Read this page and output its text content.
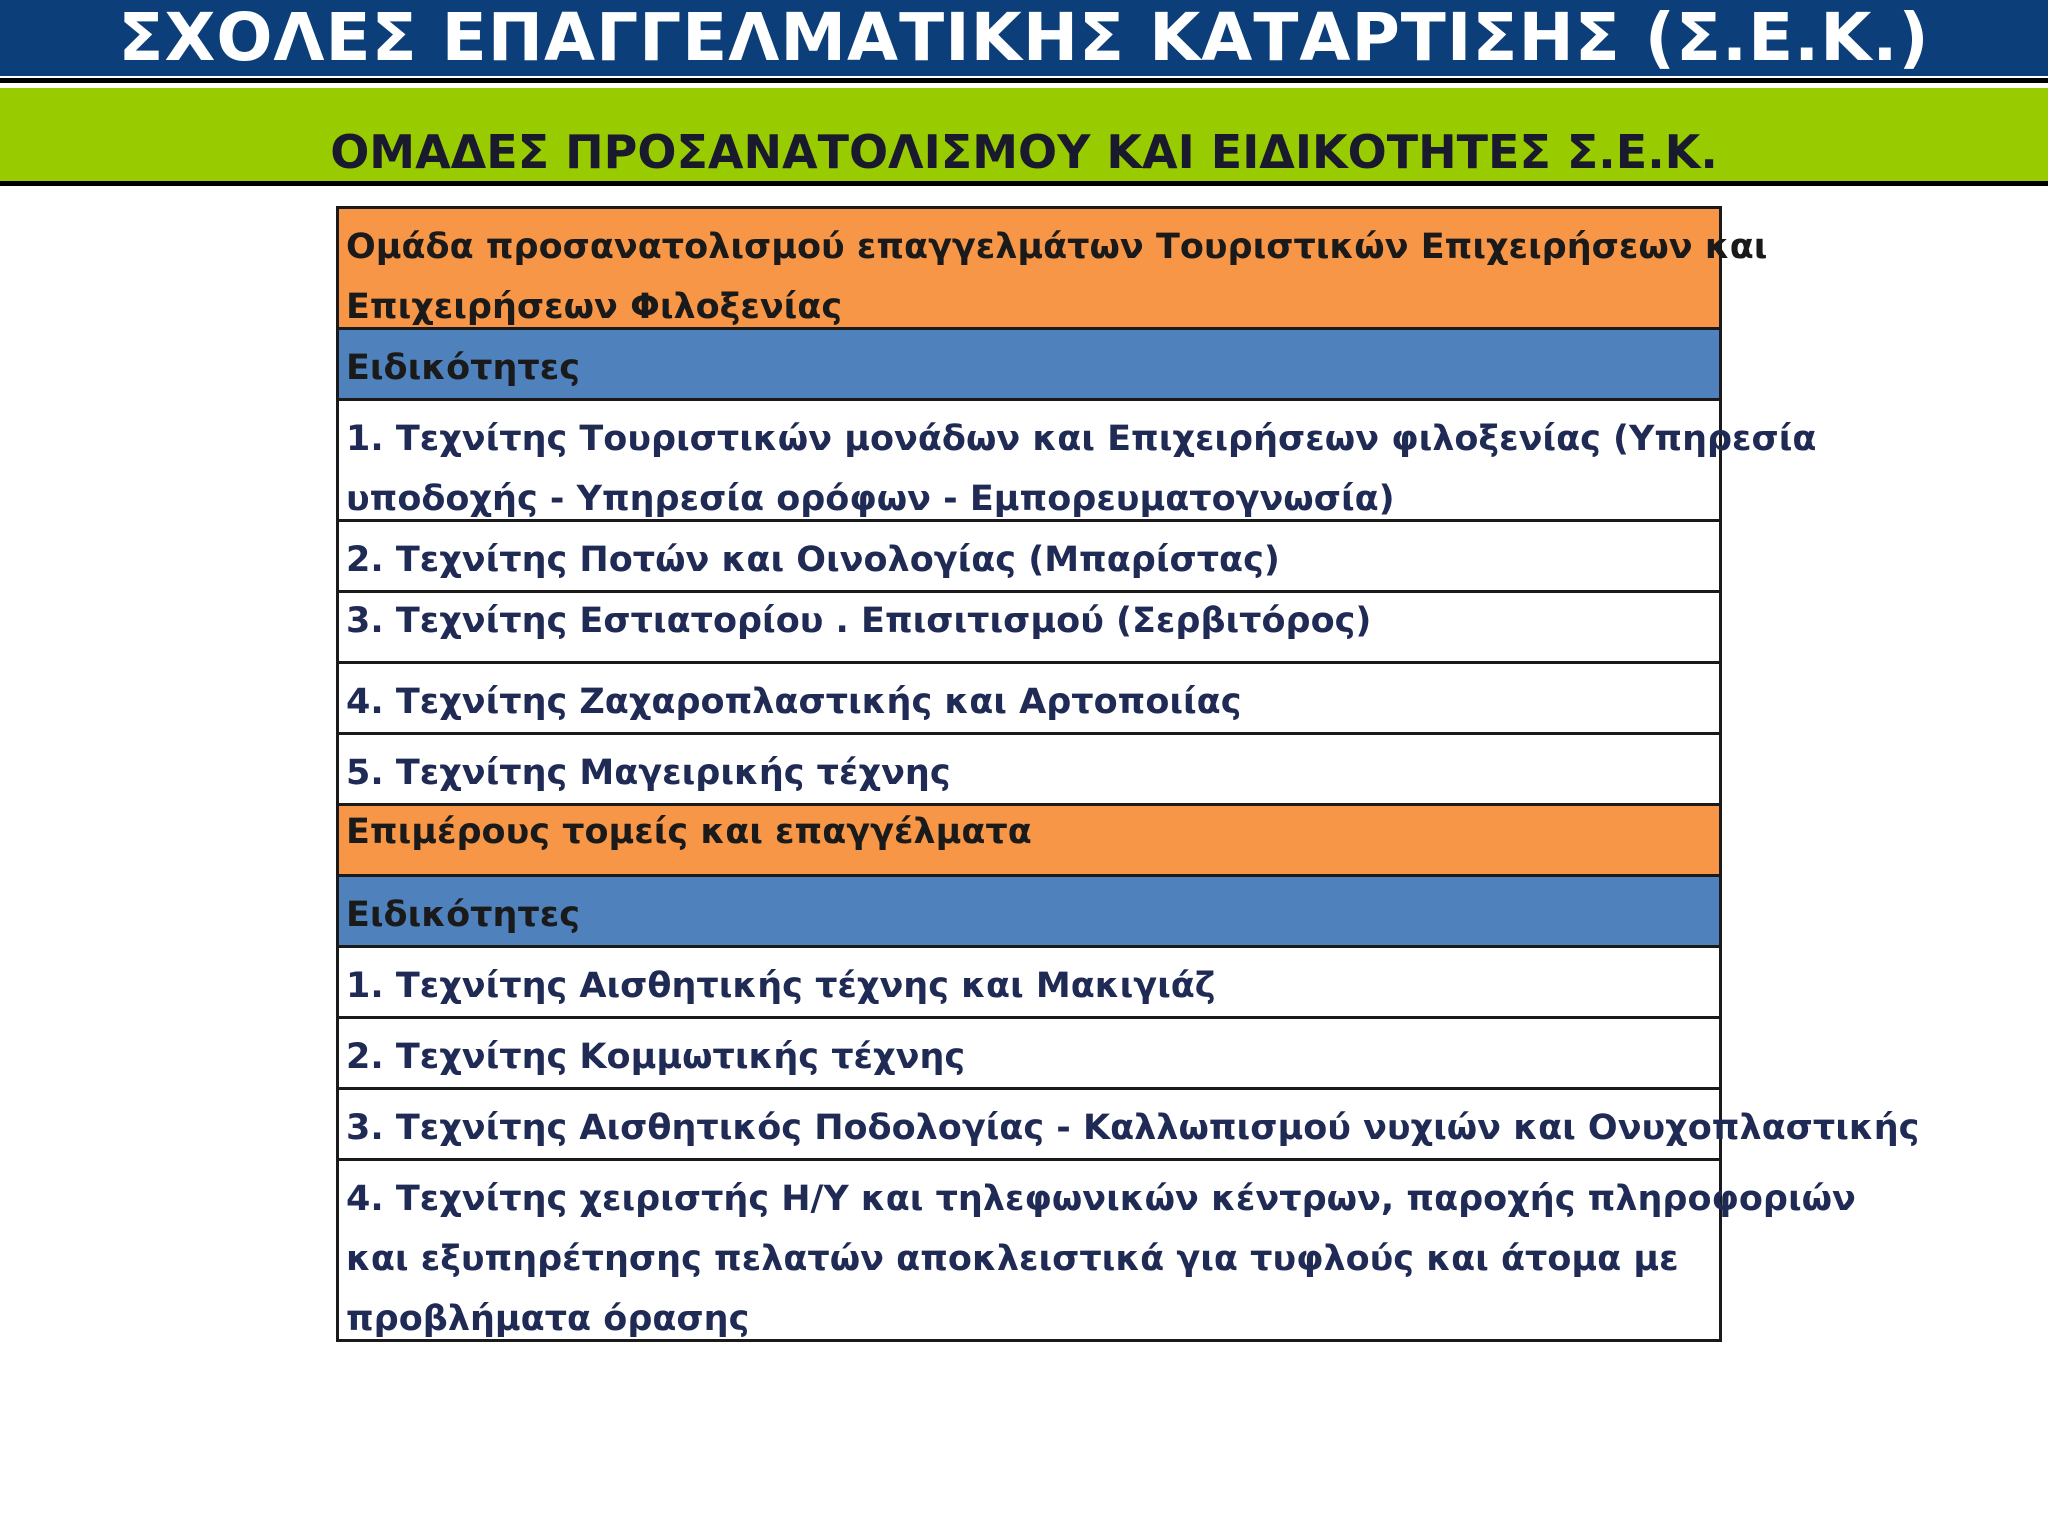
ΣΧΟΛΕΣ ΕΠΑΓΓΕΛΜΑΤΙΚΗΣ ΚΑΤΑΡΤΙΣΗΣ (Σ.Ε.Κ.)
ΟΜΑΔΕΣ ΠΡΟΣΑΝΑΤΟΛΙΣΜΟΥ ΚΑΙ ΕΙΔΙΚΟΤΗΤΕΣ Σ.Ε.Κ.
Ομάδα προσανατολισμού επαγγελμάτων Τουριστικών Επιχειρήσεων και
Επιχειρήσεων Φιλοξενίας
Ειδικότητες
1. Τεχνίτης Τουριστικών μονάδων και Επιχειρήσεων φιλοξενίας (Υπηρεσία
υποδοχής - Υπηρεσία ορόφων - Εμπορευματογνωσία)
2. Τεχνίτης Ποτών και Οινολογίας (Μπαρίστας)
3. Τεχνίτης Εστιατορίου . Επισιτισμού (Σερβιτόρος)
4. Τεχνίτης Ζαχαροπλαστικής και Αρτοποιίας
5. Τεχνίτης Μαγειρικής τέχνης
Επιμέρους τομείς και επαγγέλματα
Ειδικότητες
1. Τεχνίτης Αισθητικής τέχνης και Μακιγιάζ
2. Τεχνίτης Κομμωτικής τέχνης
3. Τεχνίτης Αισθητικός Ποδολογίας - Καλλωπισμού νυχιών και Ονυχοπλαστικής
4. Τεχνίτης χειριστής Η/Υ και τηλεφωνικών κέντρων, παροχής πληροφοριών
και εξυπηρέτησης πελατών αποκλειστικά για τυφλούς και άτομα με
προβλήματα όρασης
